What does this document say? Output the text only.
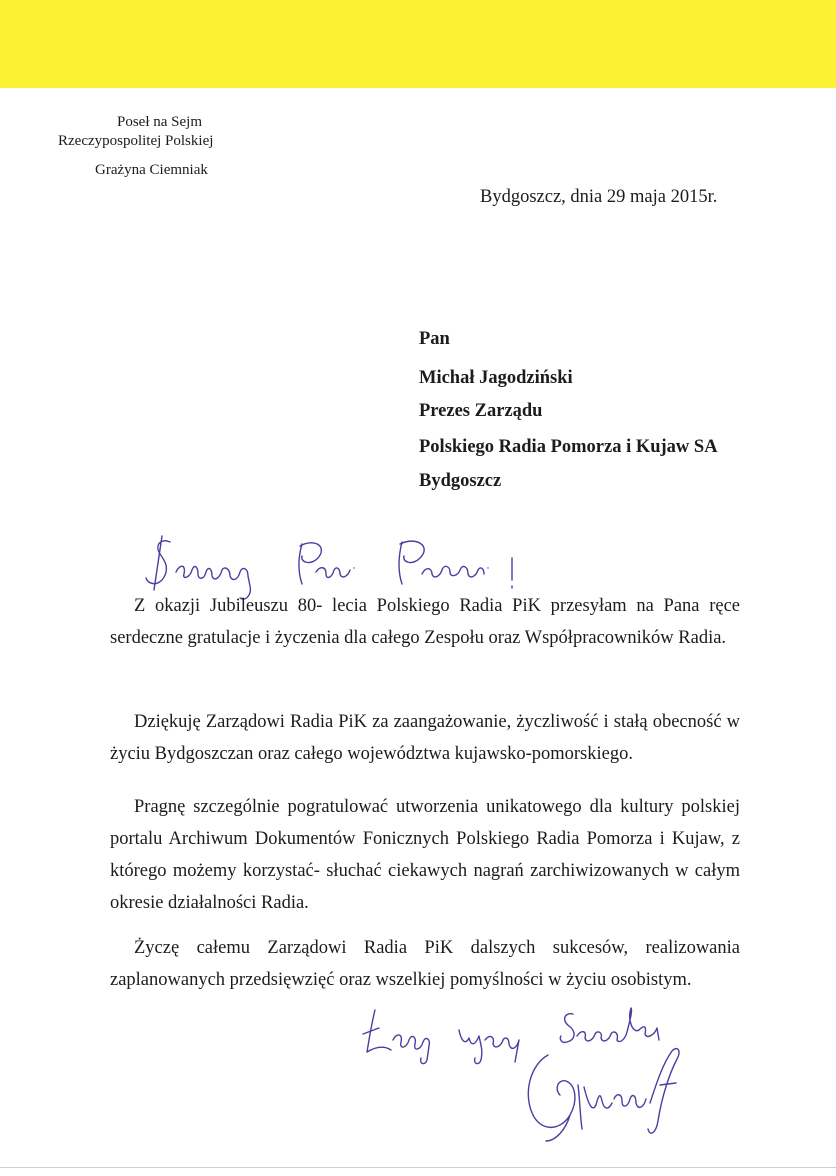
Poseł na Sejm
Rzeczypospolitej Polskiej
Grażyna Ciemniak
Bydgoszcz, dnia 29 maja 2015r.
Pan
Michał Jagodziński
Prezes Zarządu
Polskiego Radia Pomorza i Kujaw SA
Bydgoszcz
Z okazji Jubileuszu 80- lecia Polskiego Radia PiK przesyłam na Pana ręce serdeczne gratulacje i życzenia dla całego Zespołu oraz Współpracowników Radia.
Dziękuję Zarządowi Radia PiK za zaangażowanie, życzliwość i stałą obecność w życiu Bydgoszczan oraz całego województwa kujawsko-pomorskiego.
Pragnę szczególnie pogratulować utworzenia unikatowego dla kultury polskiej portalu Archiwum Dokumentów Fonicznych Polskiego Radia Pomorza i Kujaw, z którego możemy korzystać- słuchać ciekawych nagrań zarchiwizowanych w całym okresie działalności Radia.
Życzę całemu Zarządowi Radia PiK dalszych sukcesów, realizowania zaplanowanych przedsięwzięć oraz wszelkiej pomyślności w życiu osobistym.
